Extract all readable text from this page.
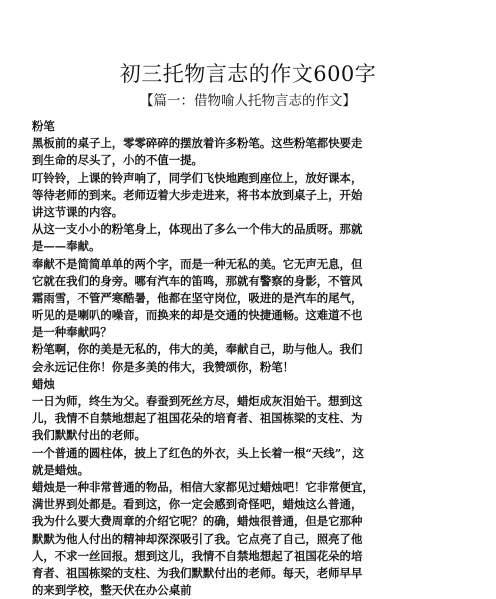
初三托物言志的作文600字
【篇一：借物喻人托物言志的作文】
粉笔
黑板前的桌子上，零零碎碎的摆放着许多粉笔。这些粉笔都快要走
到生命的尽头了，小的不值一提。
叮铃铃，上课的铃声响了，同学们飞快地跑到座位上，放好课本，
等待老师的到来。老师迈着大步走进来，将书本放到桌子上，开始
讲这节课的内容。
从这一支小小的粉笔身上，体现出了多么一个伟大的品质呀。那就
是——奉献。
奉献不是简简单单的两个字，而是一种无私的美。它无声无息，但
它就在我们的身旁。哪有汽车的笛鸣，那就有警察的身影，不管风
霜雨雪，不管严寒酷暑，他都在坚守岗位，吸进的是汽车的尾气，
听见的是喇叭的噪音，而换来的却是交通的快捷通畅。这难道不也
是一种奉献吗？
粉笔啊，你的美是无私的，伟大的美，奉献自己，助与他人。我们
会永远记住你！你是多美的伟大，我赞颂你，粉笔！
蜡烛
一日为师，终生为父。春蚕到死丝方尽，蜡炬成灰泪始干。想到这
儿，我情不自禁地想起了祖国花朵的培育者、祖国栋梁的支柱、为
我们默默付出的老师。
一个普通的圆柱体，披上了红色的外衣，头上长着一根“天线”，这
就是蜡烛。
蜡烛是一种非常普通的物品，相信大家都见过蜡烛吧！它非常便宜，
满世界到处都是。看到这，你一定会感到奇怪吧，蜡烛这么普通，
我为什么要大费周章的介绍它呢？的确，蜡烛很普通，但是它那种
默默为他人付出的精神却深深吸引了我。它点亮了自己，照亮了他
人，不求一丝回报。想到这儿，我情不自禁地想起了祖国花朵的培
育者、祖国栋梁的支柱、为我们默默付出的老师。每天，老师早早
的来到学校，整天伏在办公桌前
